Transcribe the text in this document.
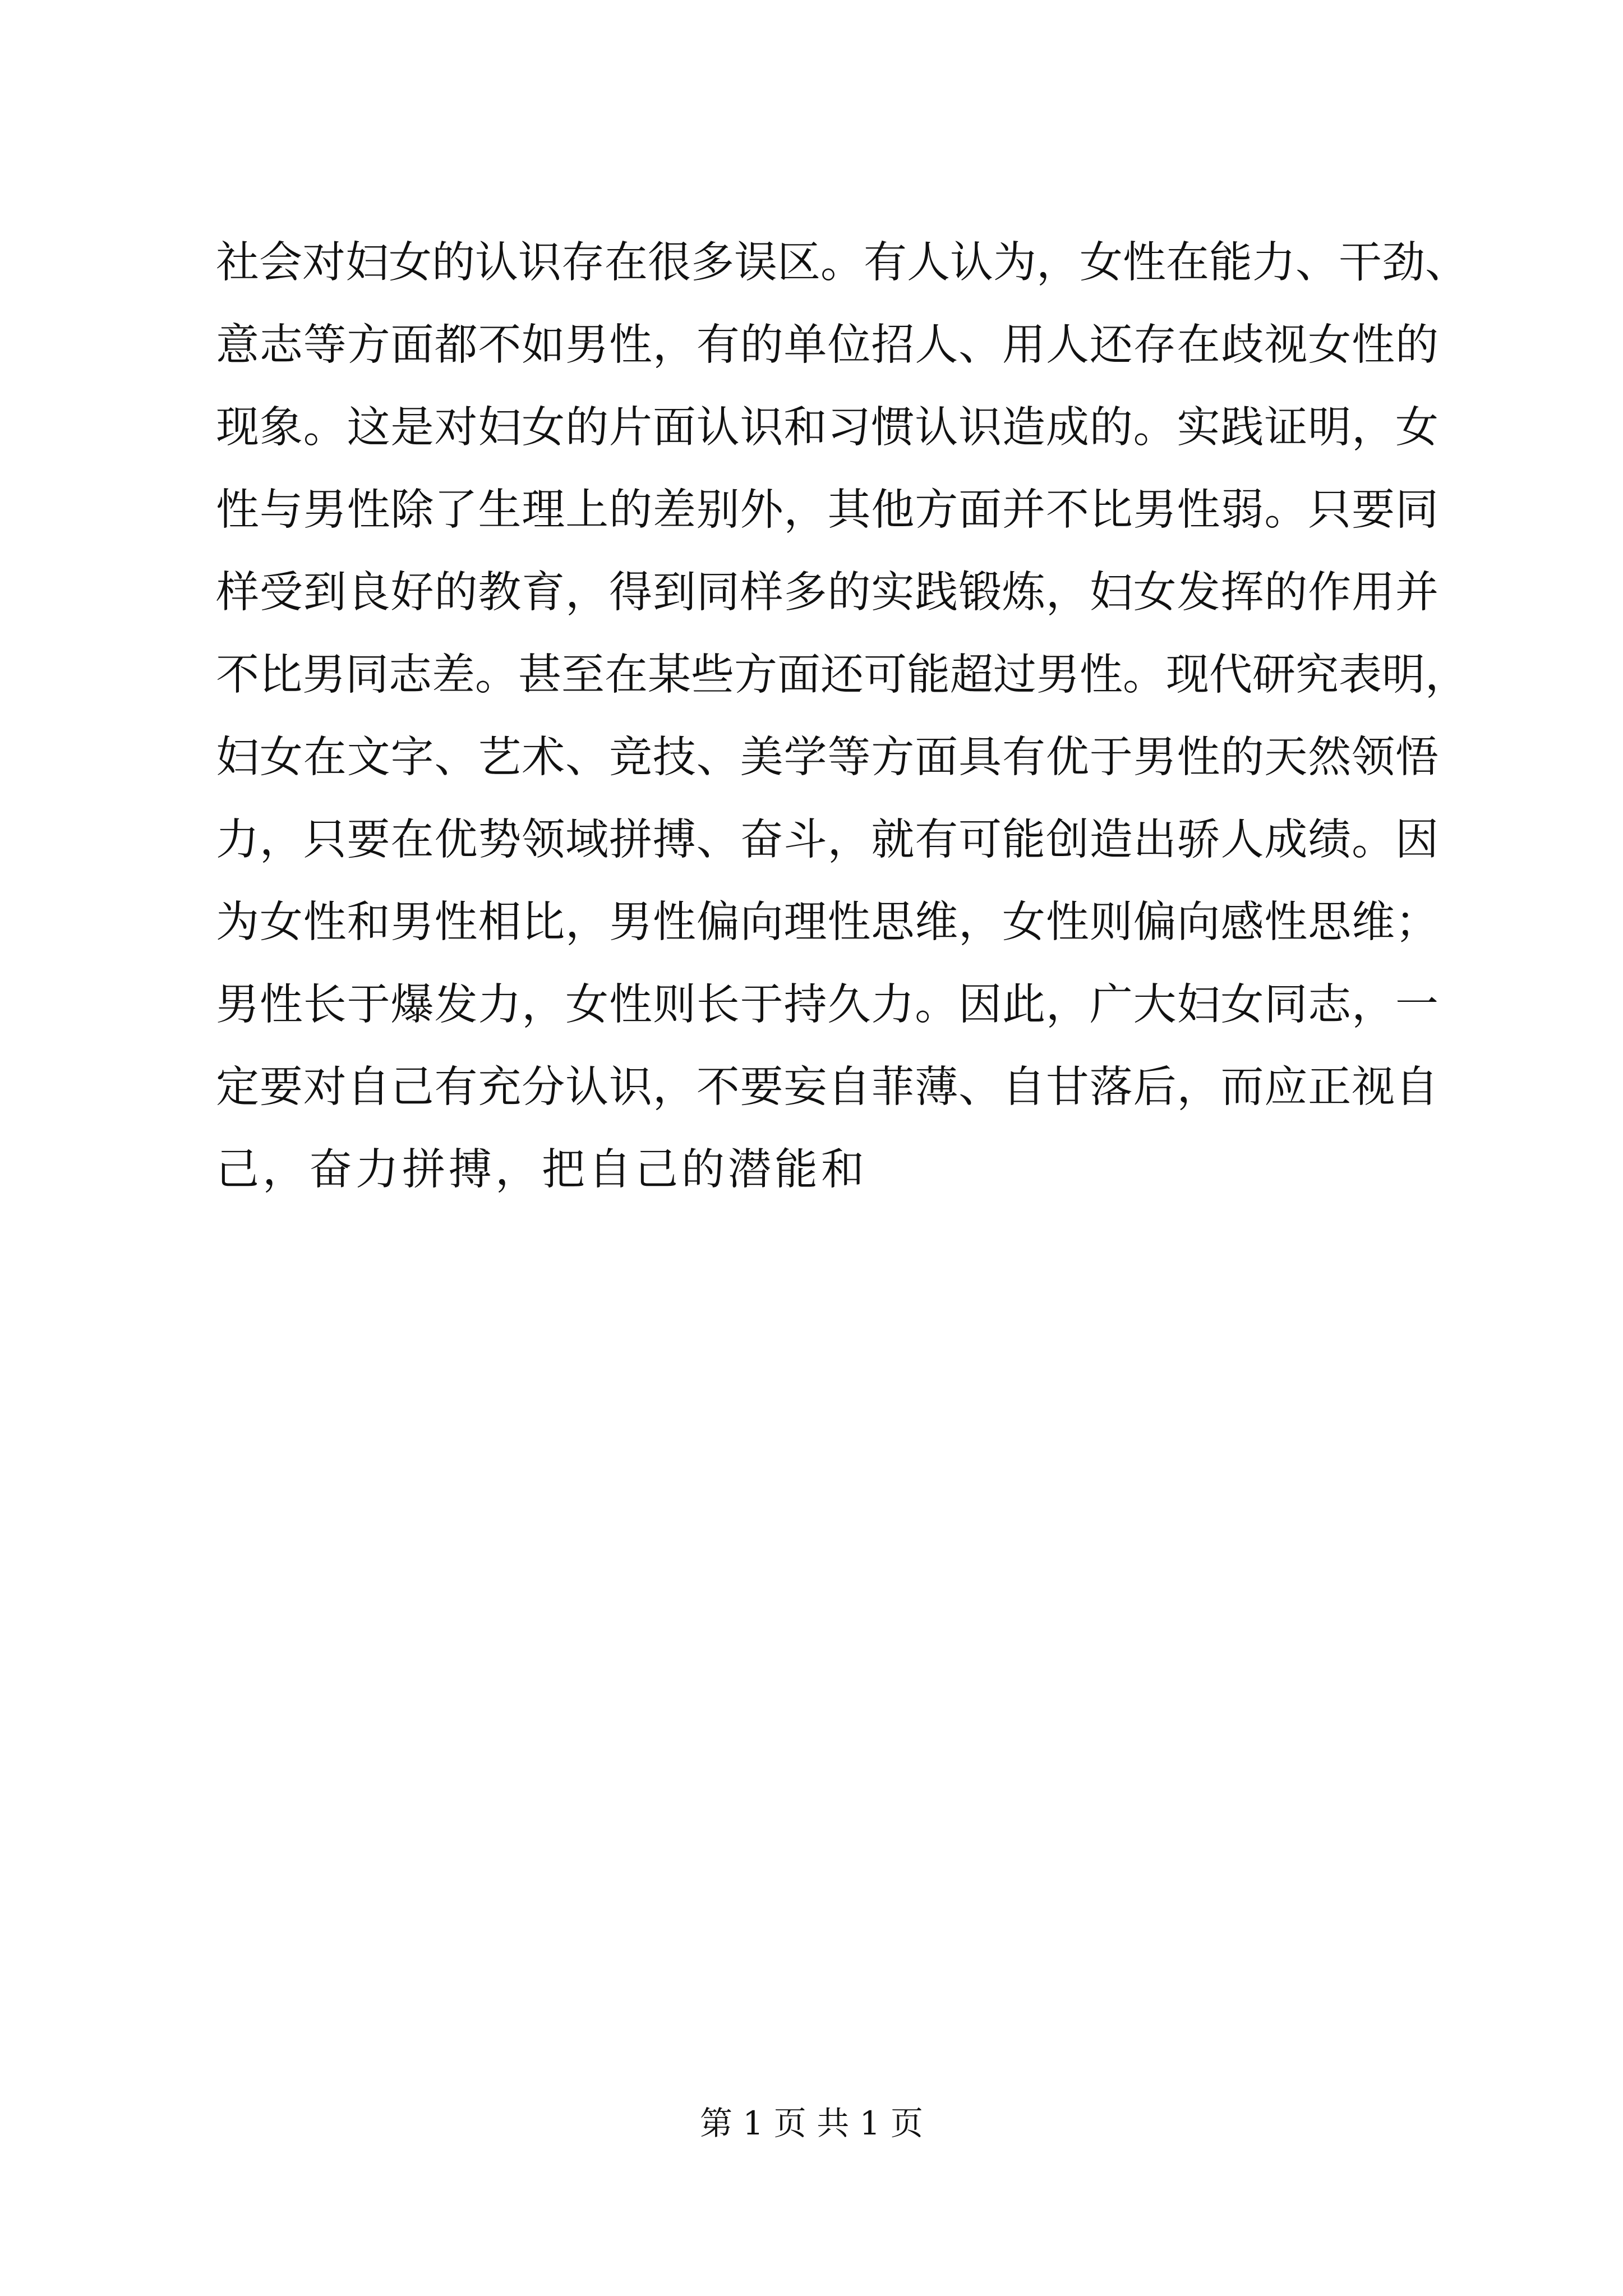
社会对妇女的认识存在很多误区。有人认为，女性在能力、干劲、
意志等方面都不如男性，有的单位招人、用人还存在歧视女性的
现象。这是对妇女的片面认识和习惯认识造成的。实践证明，女
性与男性除了生理上的差别外，其他方面并不比男性弱。只要同
样受到良好的教育，得到同样多的实践锻炼，妇女发挥的作用并
不比男同志差。甚至在某些方面还可能超过男性。现代研究表明，
妇女在文字、艺术、竞技、美学等方面具有优于男性的天然领悟
力，只要在优势领域拼搏、奋斗，就有可能创造出骄人成绩。因
为女性和男性相比，男性偏向理性思维，女性则偏向感性思维；
男性长于爆发力，女性则长于持久力。因此，广大妇女同志，一
定要对自己有充分认识，不要妄自菲薄、自甘落后，而应正视自
己，奋力拼搏，把自己的潜能和
第 1 页 共 1 页
